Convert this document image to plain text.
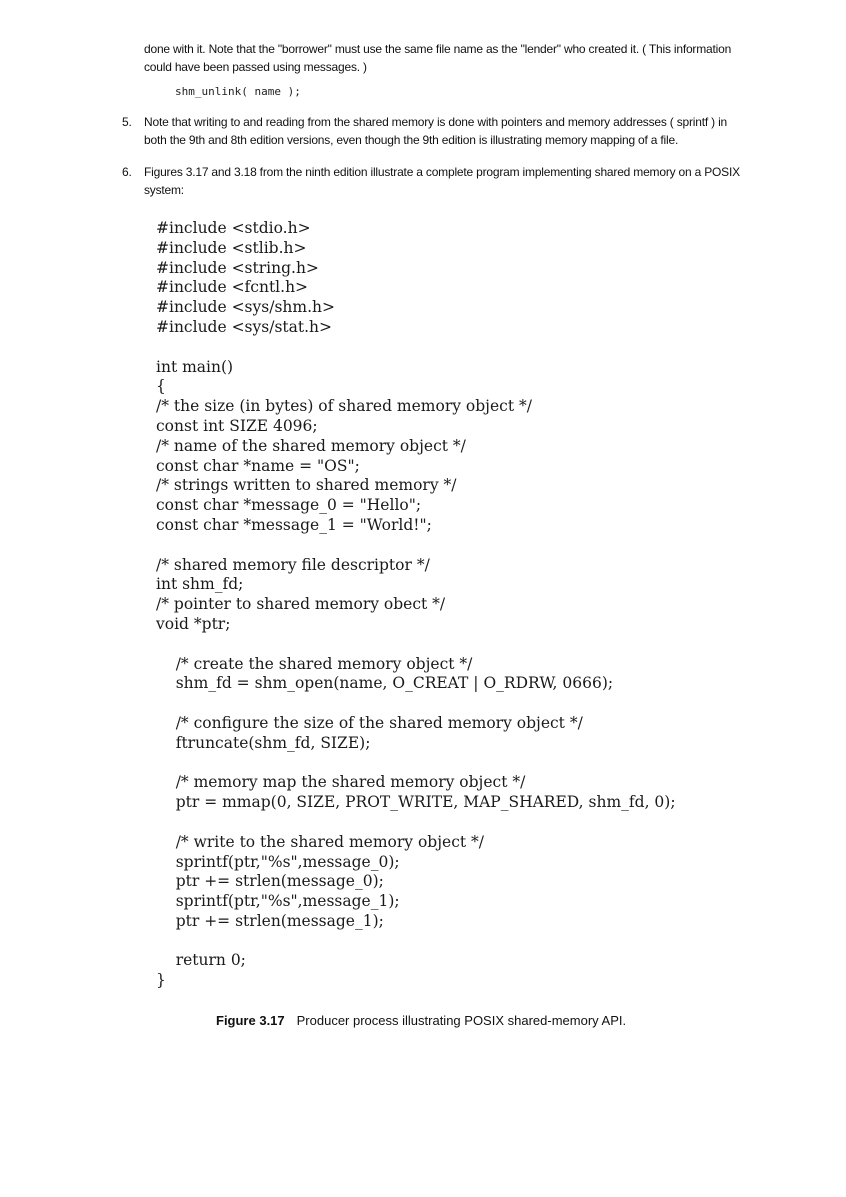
done with it. Note that the "borrower" must use the same file name as the "lender" who created it. ( This information could have been passed using messages. )
shm_unlink( name );
5. Note that writing to and reading from the shared memory is done with pointers and memory addresses ( sprintf ) in both the 9th and 8th edition versions, even though the 9th edition is illustrating memory mapping of a file.
6. Figures 3.17 and 3.18 from the ninth edition illustrate a complete program implementing shared memory on a POSIX system:
#include <stdio.h>
#include <stlib.h>
#include <string.h>
#include <fcntl.h>
#include <sys/shm.h>
#include <sys/stat.h>
int main()
{
/* the size (in bytes) of shared memory object */
const int SIZE 4096;
/* name of the shared memory object */
const char *name = "OS";
/* strings written to shared memory */
const char *message_0 = "Hello";
const char *message_1 = "World!";
/* shared memory file descriptor */
int shm_fd;
/* pointer to shared memory obect */
void *ptr;
/* create the shared memory object */
shm_fd = shm_open(name, O_CREAT | O_RDRW, 0666);
/* configure the size of the shared memory object */
ftruncate(shm_fd, SIZE);
/* memory map the shared memory object */
ptr = mmap(0, SIZE, PROT_WRITE, MAP_SHARED, shm_fd, 0);
/* write to the shared memory object */
sprintf(ptr,"%s",message_0);
ptr += strlen(message_0);
sprintf(ptr,"%s",message_1);
ptr += strlen(message_1);
return 0;
}
Figure 3.17 Producer process illustrating POSIX shared-memory API.
